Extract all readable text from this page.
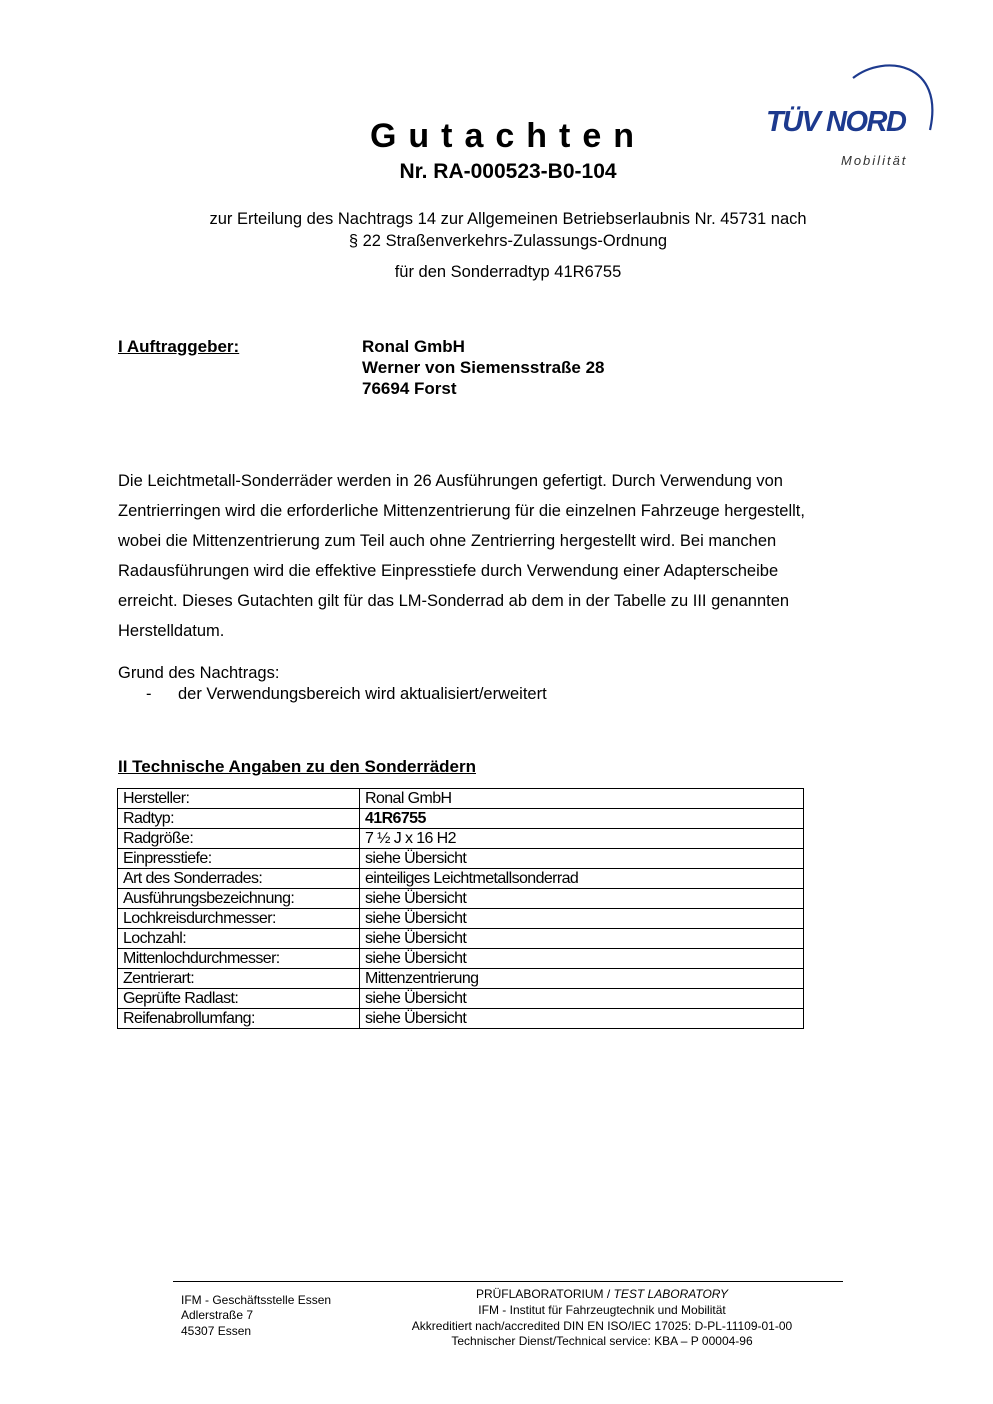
Gutachten
Nr. RA-000523-B0-104
TÜV NORD
Mobilität
zur Erteilung des Nachtrags 14 zur Allgemeinen Betriebserlaubnis Nr. 45731 nach
§ 22 Straßenverkehrs-Zulassungs-Ordnung
für den Sonderradtyp 41R6755
I Auftraggeber:	Ronal GmbH
Werner von Siemensstraße 28
76694 Forst
Die Leichtmetall-Sonderräder werden in 26 Ausführungen gefertigt. Durch Verwendung von
Zentrierringen wird die erforderliche Mittenzentrierung für die einzelnen Fahrzeuge hergestellt,
wobei die Mittenzentrierung zum Teil auch ohne Zentrierring hergestellt wird. Bei manchen
Radausführungen wird die effektive Einpresstiefe durch Verwendung einer Adapterscheibe
erreicht. Dieses Gutachten gilt für das LM-Sonderrad ab dem in der Tabelle zu III genannten
Herstelldatum.
Grund des Nachtrags:
- der Verwendungsbereich wird aktualisiert/erweitert
II Technische Angaben zu den Sonderrädern
Hersteller:	Ronal GmbH
Radtyp:	41R6755
Radgröße:	7 ½ J x 16 H2
Einpresstiefe:	siehe Übersicht
Art des Sonderrades:	einteiliges Leichtmetallsonderrad
Ausführungsbezeichnung:	siehe Übersicht
Lochkreisdurchmesser:	siehe Übersicht
Lochzahl:	siehe Übersicht
Mittenlochdurchmesser:	siehe Übersicht
Zentrierart:	Mittenzentrierung
Geprüfte Radlast:	siehe Übersicht
Reifenabrollumfang:	siehe Übersicht
IFM - Geschäftsstelle Essen
Adlerstraße 7
45307 Essen
PRÜFLABORATORIUM / TEST LABORATORY
IFM - Institut für Fahrzeugtechnik und Mobilität
Akkreditiert nach/accredited DIN EN ISO/IEC 17025: D-PL-11109-01-00
Technischer Dienst/Technical service: KBA – P 00004-96
